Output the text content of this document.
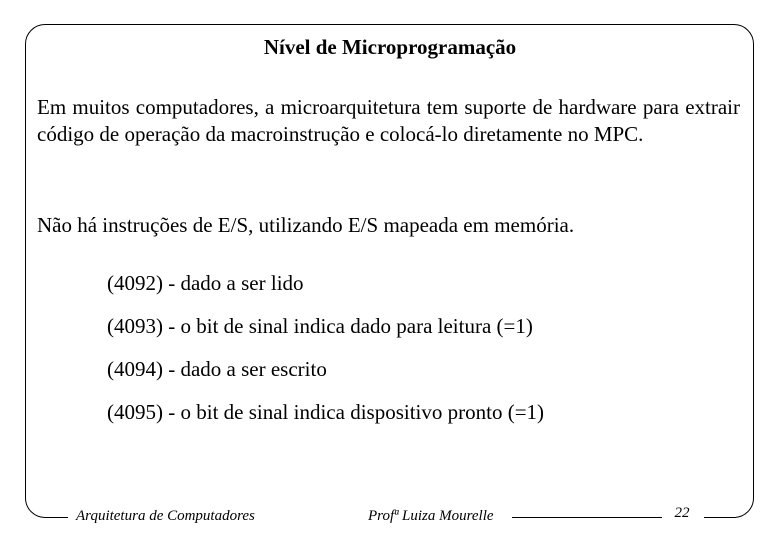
Nível de Microprogramação
Em muitos computadores, a microarquitetura tem suporte de hardware para extrair código de operação da macroinstrução e colocá-lo diretamente no MPC.
Não há instruções de E/S, utilizando E/S mapeada em memória.
(4092) - dado a ser lido
(4093) - o bit de sinal indica dado para leitura (=1)
(4094) - dado a ser escrito
(4095) - o bit de sinal indica dispositivo pronto (=1)
Arquitetura de Computadores	Profª Luiza Mourelle	22
